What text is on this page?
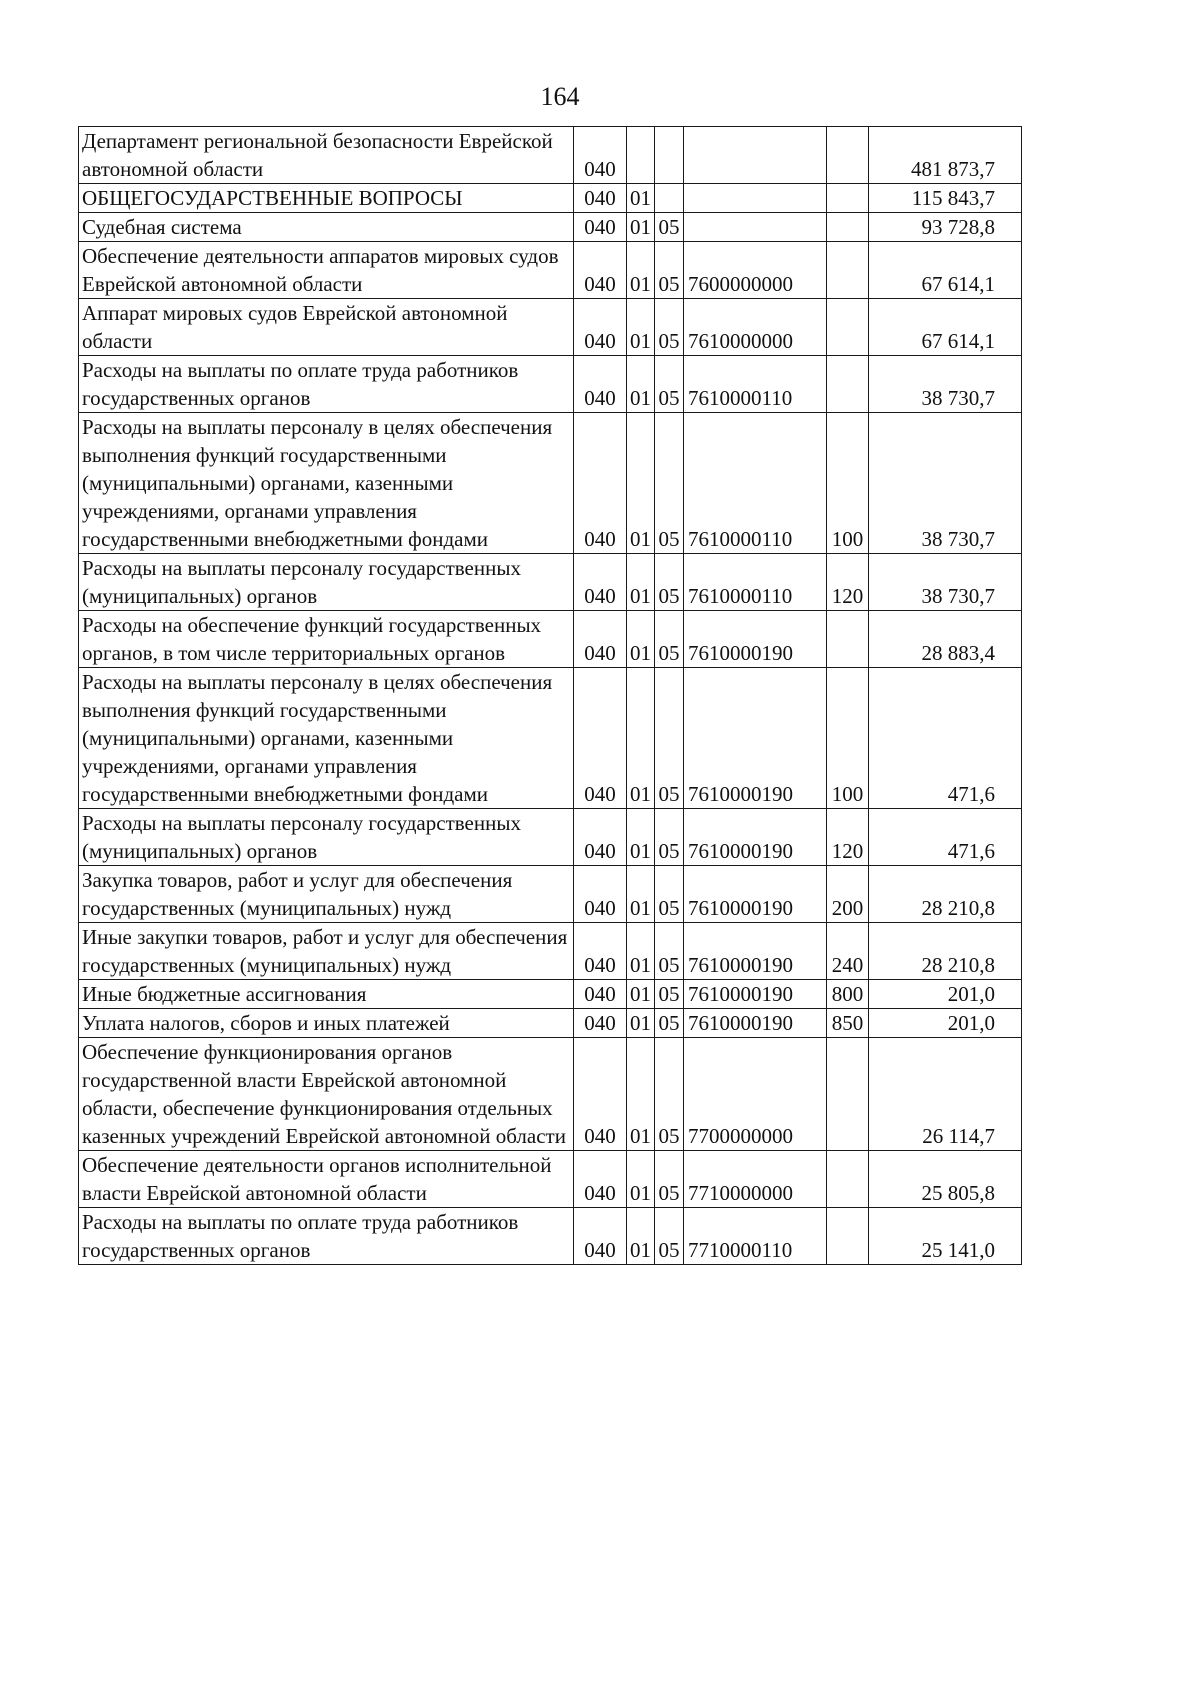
164
Департамент региональной безопасности Еврейской автономной области	040					481 873,7
ОБЩЕГОСУДАРСТВЕННЫЕ ВОПРОСЫ	040	01				115 843,7
Судебная система	040	01	05			93 728,8
Обеспечение деятельности аппаратов мировых судов Еврейской автономной области	040	01	05	7600000000		67 614,1
Аппарат мировых судов Еврейской автономной области	040	01	05	7610000000		67 614,1
Расходы на выплаты по оплате труда работников государственных органов	040	01	05	7610000110		38 730,7
Расходы на выплаты персоналу в целях обеспечения выполнения функций государственными (муниципальными) органами, казенными учреждениями, органами управления государственными внебюджетными фондами	040	01	05	7610000110	100	38 730,7
Расходы на выплаты персоналу государственных (муниципальных) органов	040	01	05	7610000110	120	38 730,7
Расходы на обеспечение функций государственных органов, в том числе территориальных органов	040	01	05	7610000190		28 883,4
Расходы на выплаты персоналу в целях обеспечения выполнения функций государственными (муниципальными) органами, казенными учреждениями, органами управления государственными внебюджетными фондами	040	01	05	7610000190	100	471,6
Расходы на выплаты персоналу государственных (муниципальных) органов	040	01	05	7610000190	120	471,6
Закупка товаров, работ и услуг для обеспечения государственных (муниципальных) нужд	040	01	05	7610000190	200	28 210,8
Иные закупки товаров, работ и услуг для обеспечения государственных (муниципальных) нужд	040	01	05	7610000190	240	28 210,8
Иные бюджетные ассигнования	040	01	05	7610000190	800	201,0
Уплата налогов, сборов и иных платежей	040	01	05	7610000190	850	201,0
Обеспечение функционирования органов государственной власти Еврейской автономной области, обеспечение функционирования отдельных казенных учреждений Еврейской автономной области	040	01	05	7700000000		26 114,7
Обеспечение деятельности органов исполнительной власти Еврейской автономной области	040	01	05	7710000000		25 805,8
Расходы на выплаты по оплате труда работников государственных органов	040	01	05	7710000110		25 141,0
